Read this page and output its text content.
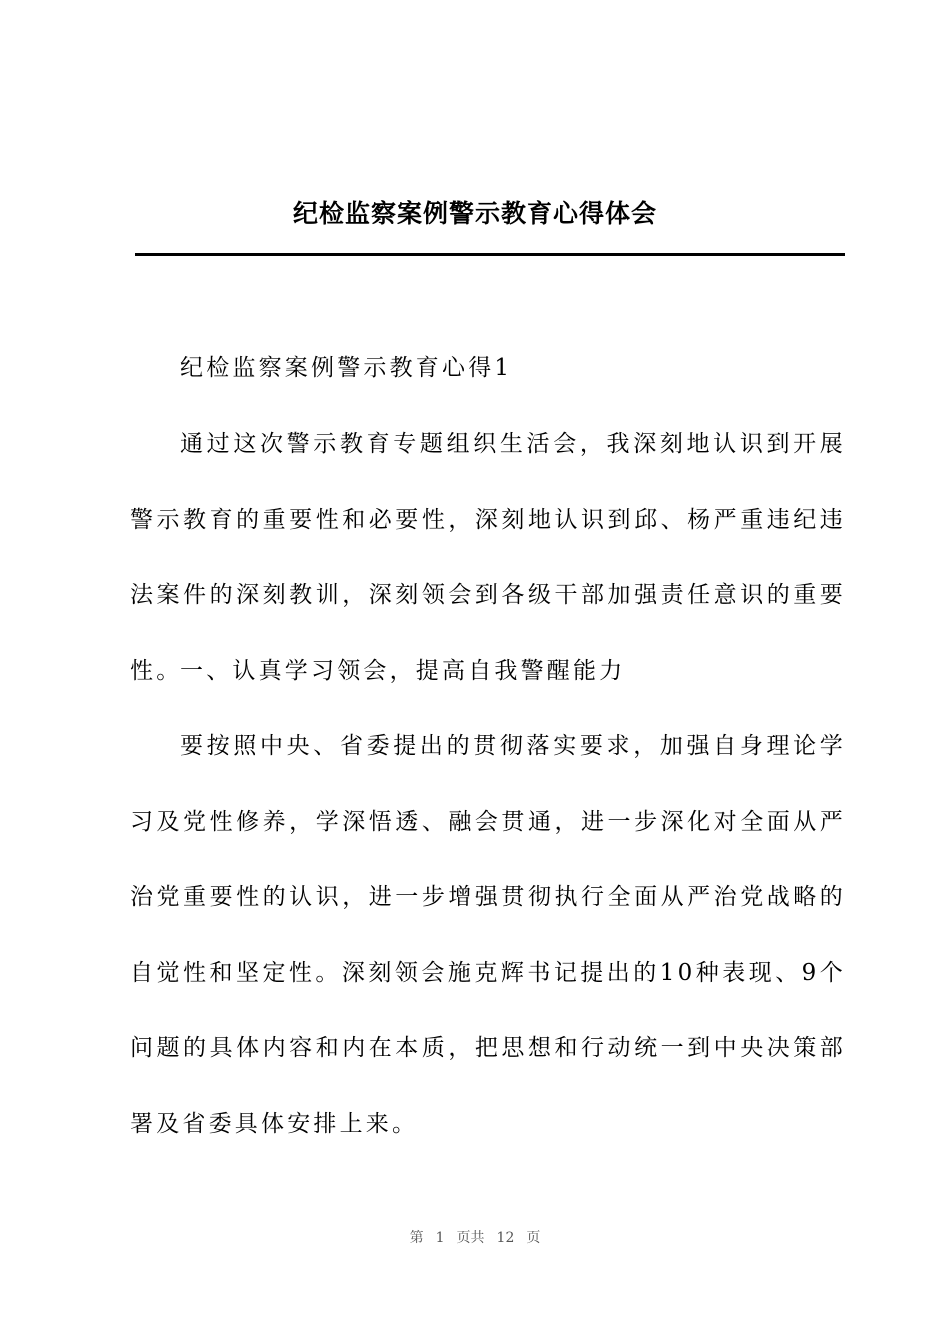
纪检监察案例警示教育心得体会

纪检监察案例警示教育心得1

通过这次警示教育专题组织生活会，我深刻地认识到开展警示教育的重要性和必要性，深刻地认识到邱、杨严重违纪违法案件的深刻教训，深刻领会到各级干部加强责任意识的重要性。

一、认真学习领会，提高自我警醒能力

要按照中央、省委提出的贯彻落实要求，加强自身理论学习及党性修养，学深悟透、融会贯通，进一步深化对全面从严治党重要性的认识，进一步增强贯彻执行全面从严治党战略的自觉性和坚定性。深刻领会施克辉书记提出的10种表现、9个问题的具体内容和内在本质，把思想和行动统一到中央决策部署及省委具体安排上来。

第 1 页共 12 页
